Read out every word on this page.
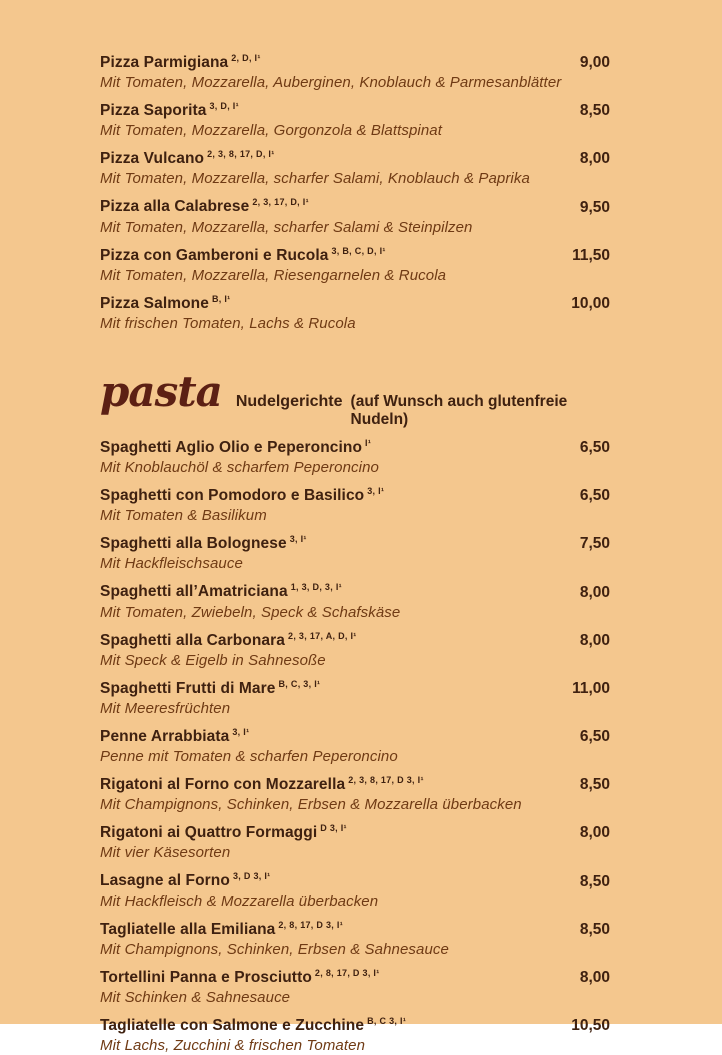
Pizza Parmigiana $^{2, D, I^1}$	9,00
Mit Tomaten, Mozzarella, Auberginen, Knoblauch & Parmesanblätter
Pizza Saporita $^{3, D, I^1}$	8,50
Mit Tomaten, Mozzarella, Gorgonzola & Blattspinat
Pizza Vulcano $^{2, 3, 8, 17, D, I^1}$	8,00
Mit Tomaten, Mozzarella, scharfer Salami, Knoblauch & Paprika
Pizza alla Calabrese $^{2, 3, 17, D, I^1}$	9,50
Mit Tomaten, Mozzarella, scharfer Salami & Steinpilzen
Pizza con Gamberoni e Rucola $^{3, B, C, D, I^1}$	11,50
Mit Tomaten, Mozzarella, Riesengarnelen & Rucola
Pizza Salmone $^{B, I^1}$	10,00
Mit frischen Tomaten, Lachs & Rucola
pasta Nudelgerichte (auf Wunsch auch glutenfreie Nudeln)
Spaghetti Aglio Olio e Peperoncino $^{I^1}$	6,50
Mit Knoblauchöl & scharfem Peperoncino
Spaghetti con Pomodoro e Basilico $^{3, I^1}$	6,50
Mit Tomaten & Basilikum
Spaghetti alla Bolognese $^{3, I^1}$	7,50
Mit Hackfleischsauce
Spaghetti all’Amatriciana $^{1, 3, D, 3, I^1}$	8,00
Mit Tomaten, Zwiebeln, Speck & Schafskäse
Spaghetti alla Carbonara $^{2, 3, 17, A, D, I^1}$	8,00
Mit Speck & Eigelb in Sahnesoße
Spaghetti Frutti di Mare $^{B, C, 3, I^1}$	11,00
Mit Meeresfrüchten
Penne Arrabbiata $^{3, I^1}$	6,50
Penne mit Tomaten & scharfen Peperoncino
Rigatoni al Forno con Mozzarella $^{2, 3, 8, 17, D 3, I^1}$	8,50
Mit Champignons, Schinken, Erbsen & Mozzarella überbacken
Rigatoni ai Quattro Formaggi $^{D 3, I^1}$	8,00
Mit vier Käsesorten
Lasagne al Forno $^{3, D 3, I^1}$	8,50
Mit Hackfleisch & Mozzarella überbacken
Tagliatelle alla Emiliana $^{2, 8, 17, D 3, I^1}$	8,50
Mit Champignons, Schinken, Erbsen & Sahnesauce
Tortellini Panna e Prosciutto $^{2, 8, 17, D 3, I^1}$	8,00
Mit Schinken & Sahnesauce
Tagliatelle con Salmone e Zucchine $^{B, C 3, I^1}$	10,50
Mit Lachs, Zucchini & frischen Tomaten
